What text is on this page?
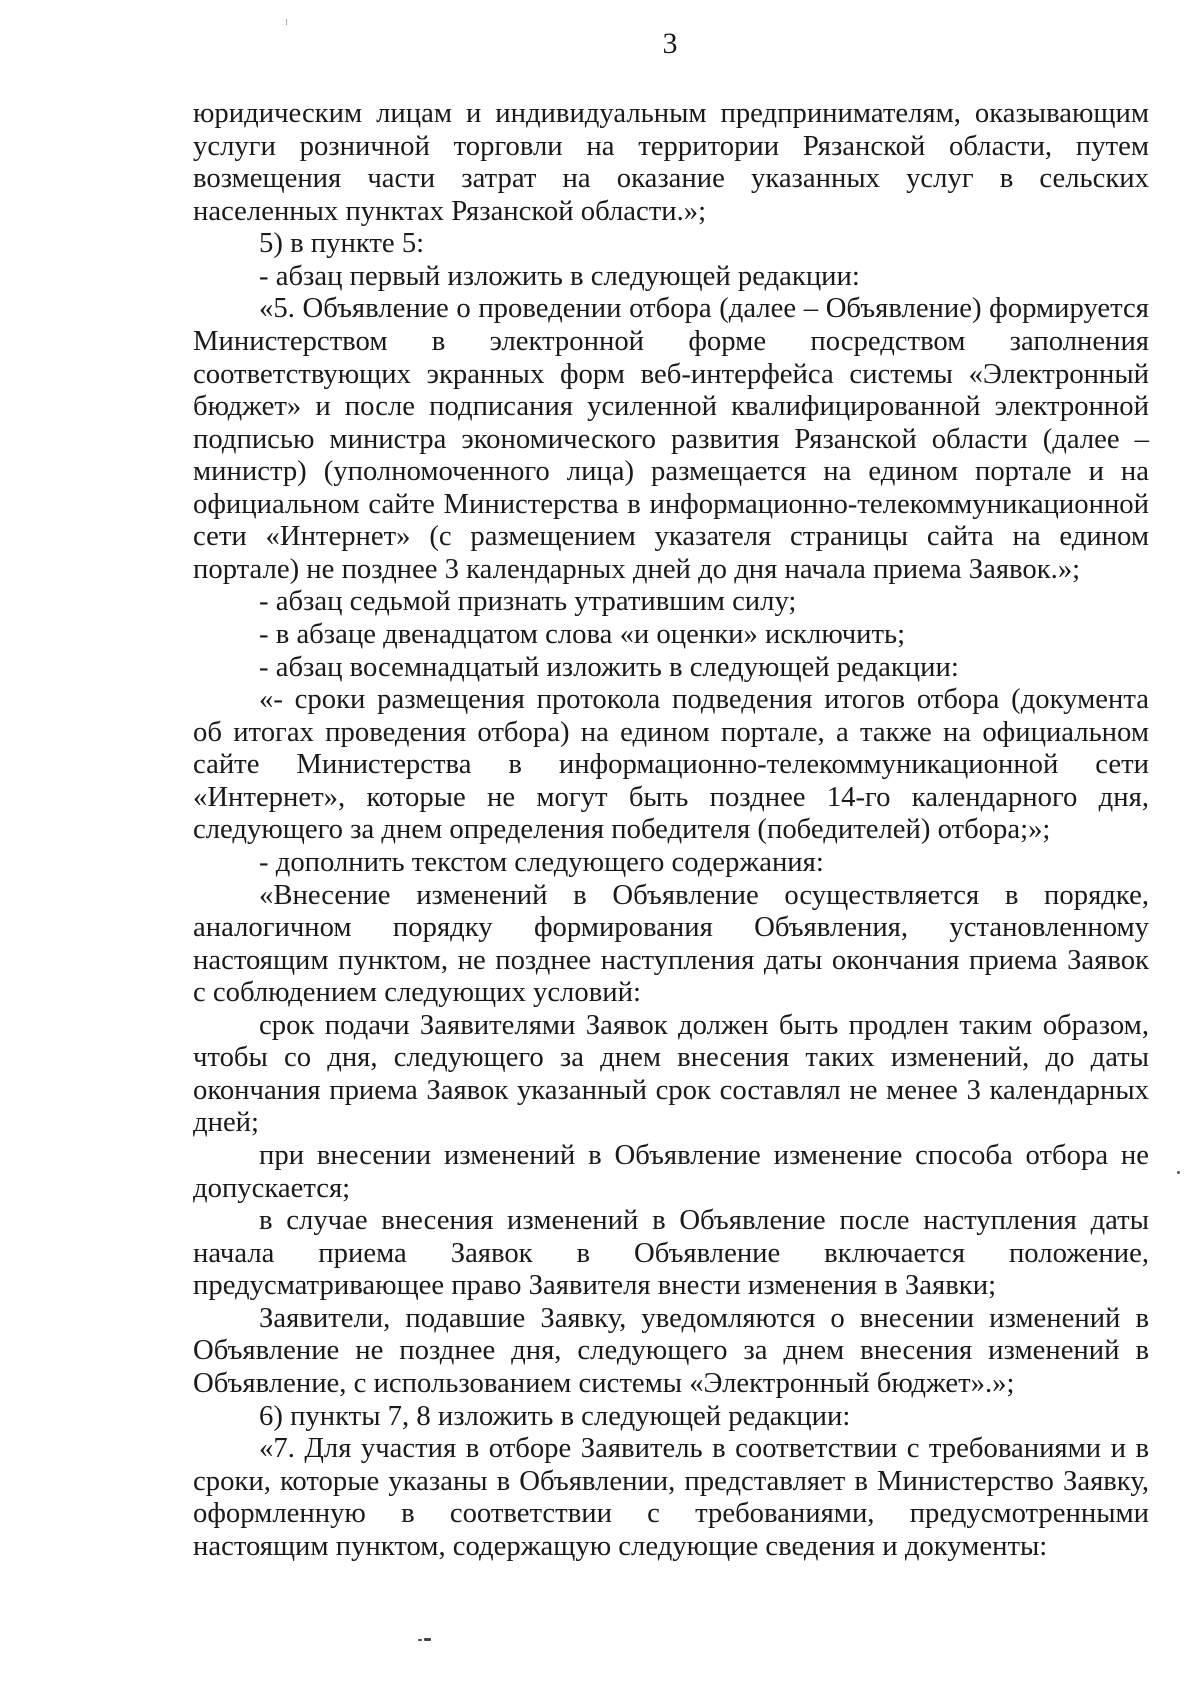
3

юридическим лицам и индивидуальным предпринимателям, оказывающим услуги розничной торговли на территории Рязанской области, путем возмещения части затрат на оказание указанных услуг в сельских населенных пунктах Рязанской области.»;

5) в пункте 5:

- абзац первый изложить в следующей редакции:

«5. Объявление о проведении отбора (далее – Объявление) формируется Министерством в электронной форме посредством заполнения соответствующих экранных форм веб-интерфейса системы «Электронный бюджет» и после подписания усиленной квалифицированной электронной подписью министра экономического развития Рязанской области (далее – министр) (уполномоченного лица) размещается на едином портале и на официальном сайте Министерства в информационно-телекоммуникационной сети «Интернет» (с размещением указателя страницы сайта на едином портале) не позднее 3 календарных дней до дня начала приема Заявок.»;

- абзац седьмой признать утратившим силу;

- в абзаце двенадцатом слова «и оценки» исключить;

- абзац восемнадцатый изложить в следующей редакции:

«- сроки размещения протокола подведения итогов отбора (документа об итогах проведения отбора) на едином портале, а также на официальном сайте Министерства в информационно-телекоммуникационной сети «Интернет», которые не могут быть позднее 14-го календарного дня, следующего за днем определения победителя (победителей) отбора;»;

- дополнить текстом следующего содержания:

«Внесение изменений в Объявление осуществляется в порядке, аналогичном порядку формирования Объявления, установленному настоящим пунктом, не позднее наступления даты окончания приема Заявок с соблюдением следующих условий:

срок подачи Заявителями Заявок должен быть продлен таким образом, чтобы со дня, следующего за днем внесения таких изменений, до даты окончания приема Заявок указанный срок составлял не менее 3 календарных дней;

при внесении изменений в Объявление изменение способа отбора не допускается;

в случае внесения изменений в Объявление после наступления даты начала приема Заявок в Объявление включается положение, предусматривающее право Заявителя внести изменения в Заявки;

Заявители, подавшие Заявку, уведомляются о внесении изменений в Объявление не позднее дня, следующего за днем внесения изменений в Объявление, с использованием системы «Электронный бюджет».»;

6) пункты 7, 8 изложить в следующей редакции:

«7. Для участия в отборе Заявитель в соответствии с требованиями и в сроки, которые указаны в Объявлении, представляет в Министерство Заявку, оформленную в соответствии с требованиями, предусмотренными настоящим пунктом, содержащую следующие сведения и документы:
